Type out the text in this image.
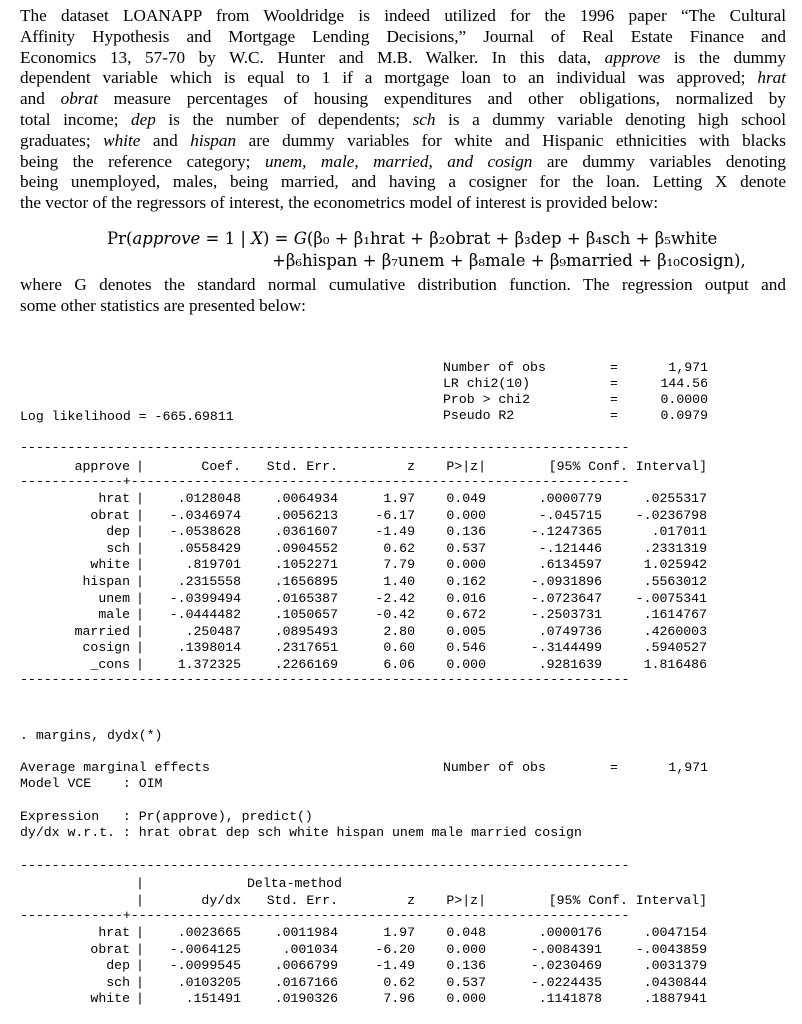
The dataset LOANAPP from Wooldridge is indeed utilized for the 1996 paper “The Cultural
Affinity Hypothesis and Mortgage Lending Decisions,” Journal of Real Estate Finance and
Economics 13, 57-70 by W.C. Hunter and M.B. Walker. In this data, approve is the dummy
dependent variable which is equal to 1 if a mortgage loan to an individual was approved; hrat
and obrat measure percentages of housing expenditures and other obligations, normalized by
total income; dep is the number of dependents; sch is a dummy variable denoting high school
graduates; white and hispan are dummy variables for white and Hispanic ethnicities with blacks
being the reference category; unem, male, married, and cosign are dummy variables denoting
being unemployed, males, being married, and having a cosigner for the loan. Letting X denote
the vector of the regressors of interest, the econometrics model of interest is provided below:
Pr(approve = 1 | X) = G(β₀ + β₁hrat + β₂obrat + β₃dep + β₄sch + β₅white
+β₆hispan + β₇unem + β₈male + β₉married + β₁₀cosign),
where G denotes the standard normal cumulative distribution function. The regression output and
some other statistics are presented below:
Number of obs	=	1,971
LR chi2(10)	=	144.56
Prob > chi2	=	0.0000
Pseudo R2	=	0.0979
Log likelihood = -665.69811
-----------------------------------------------------------------------------
approve |	Coef.	Std. Err.	z	P>|z|	[95% Conf. Interval]
-------------+---------------------------------------------------------------
hrat |	.0128048	.0064934	1.97	0.049	.0000779	.0255317
obrat |	-.0346974	.0056213	-6.17	0.000	-.045715	-.0236798
dep |	-.0538628	.0361607	-1.49	0.136	-.1247365	.017011
sch |	.0558429	.0904552	0.62	0.537	-.121446	.2331319
white |	.819701	.1052271	7.79	0.000	.6134597	1.025942
hispan |	.2315558	.1656895	1.40	0.162	-.0931896	.5563012
unem |	-.0399494	.0165387	-2.42	0.016	-.0723647	-.0075341
male |	-.0444482	.1050657	-0.42	0.672	-.2503731	.1614767
married |	.250487	.0895493	2.80	0.005	.0749736	.4260003
cosign |	.1398014	.2317651	0.60	0.546	-.3144499	.5940527
_cons |	1.372325	.2266169	6.06	0.000	.9281639	1.816486
-----------------------------------------------------------------------------
. margins, dydx(*)
Average marginal effects	Number of obs	=	1,971
Model VCE    : OIM
Expression   : Pr(approve), predict()
dy/dx w.r.t. : hrat obrat dep sch white hispan unem male married cosign
-----------------------------------------------------------------------------
|	Delta-method
|	dy/dx	Std. Err.	z	P>|z|	[95% Conf. Interval]
-------------+---------------------------------------------------------------
hrat |	.0023665	.0011984	1.97	0.048	.0000176	.0047154
obrat |	-.0064125	.001034	-6.20	0.000	-.0084391	-.0043859
dep |	-.0099545	.0066799	-1.49	0.136	-.0230469	.0031379
sch |	.0103205	.0167166	0.62	0.537	-.0224435	.0430844
white |	.151491	.0190326	7.96	0.000	.1141878	.1887941
